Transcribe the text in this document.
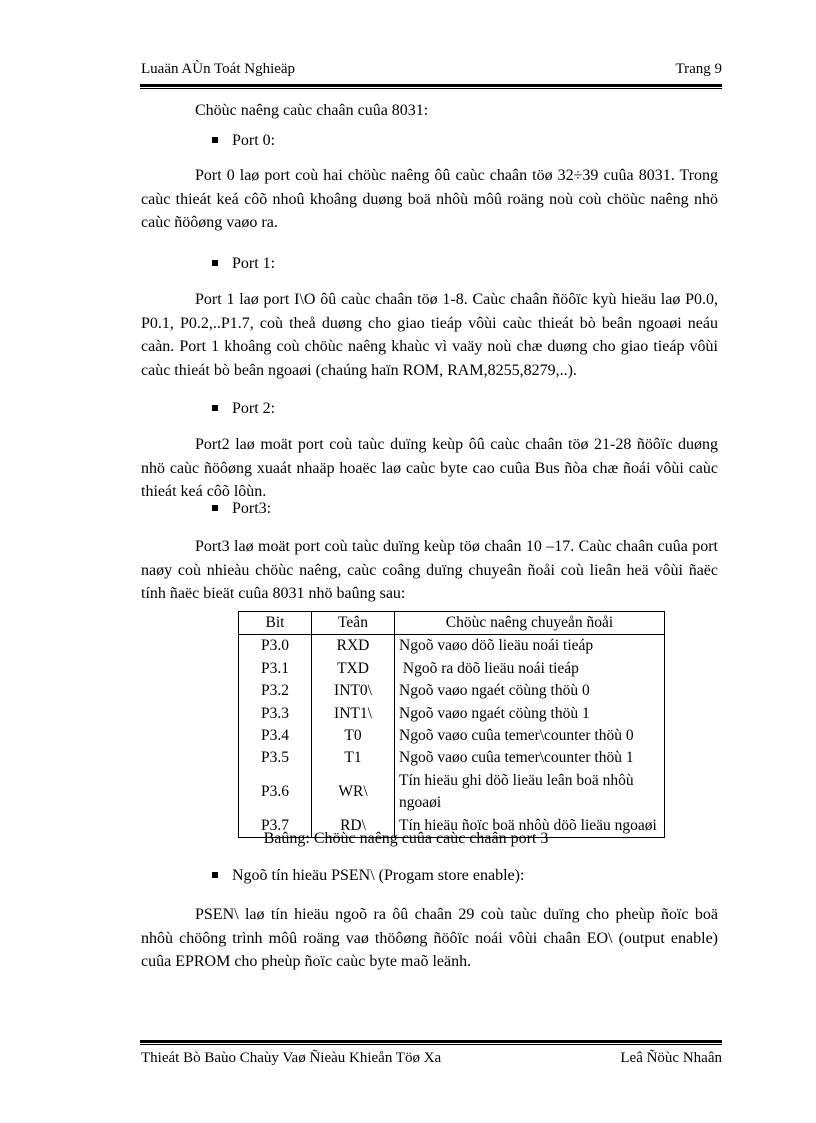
Luaän AÙn Toát Nghieäp	Trang 9
Chöùc naêng caùc chaân cuûa 8031:
Port 0:

Port 0 laø port coù hai chöùc naêng ôû caùc chaân töø 32÷39 cuûa 8031. Trong caùc thieát keá côõ nhoû khoâng duøng boä nhôù môû roäng noù coù chöùc naêng nhö caùc ñöôøng vaøo ra.

Port 1:

Port 1 laø port I\O ôû caùc chaân töø 1-8. Caùc chaân ñöôïc kyù hieäu laø P0.0, P0.1, P0.2,..P1.7, coù theå duøng cho giao tieáp vôùi caùc thieát bò beân ngoaøi neáu caàn. Port 1 khoâng coù chöùc naêng khaùc vì vaäy noù chæ duøng cho giao tieáp vôùi caùc thieát bò beân ngoaøi (chaúng haïn ROM, RAM,8255,8279,..).

Port 2:

Port2 laø moät port coù taùc duïng keùp ôû caùc chaân töø 21-28 ñöôïc duøng nhö caùc ñöôøng xuaát nhaäp hoaëc laø caùc byte cao cuûa Bus ñòa chæ ñoái vôùi caùc thieát keá côõ lôùn.

Port3:

Port3 laø moät port coù taùc duïng keùp töø chaân 10 –17. Caùc chaân cuûa port naøy coù nhieàu chöùc naêng, caùc coâng duïng chuyeân ñoåi coù lieân heä vôùi ñaëc tính ñaëc bieät cuûa 8031 nhö baûng sau:

Bit	Teân	Chöùc naêng chuyeån ñoåi
P3.0	RXD	Ngoõ vaøo döõ lieäu noái tieáp
P3.1	TXD	Ngoõ ra döõ lieäu noái tieáp
P3.2	INT0\	Ngoõ vaøo ngaét cöùng thöù 0
P3.3	INT1\	Ngoõ vaøo ngaét cöùng thöù 1
P3.4	T0	Ngoõ vaøo cuûa temer\counter thöù 0
P3.5	T1	Ngoõ vaøo cuûa temer\counter thöù 1
P3.6	WR\	Tín hieäu ghi döõ lieäu leân boä nhôù ngoaøi
P3.7	RD\	Tín hieäu ñoïc boä nhôù döõ lieäu ngoaøi
Baûng: Chöùc naêng cuûa caùc chaân port 3
Ngoõ tín hieäu PSEN\ (Progam store enable):

PSEN\ laø tín hieäu ngoõ ra ôû chaân 29 coù taùc duïng cho pheùp ñoïc boä nhôù chöông trình môû roäng vaø thöôøng ñöôïc noái vôùi chaân EO\ (output enable) cuûa EPROM cho pheùp ñoïc caùc byte maõ leänh.

Thieát Bò Baùo Chaùy Vaø Ñieàu Khieån Töø Xa	Leâ Ñöùc Nhaân
